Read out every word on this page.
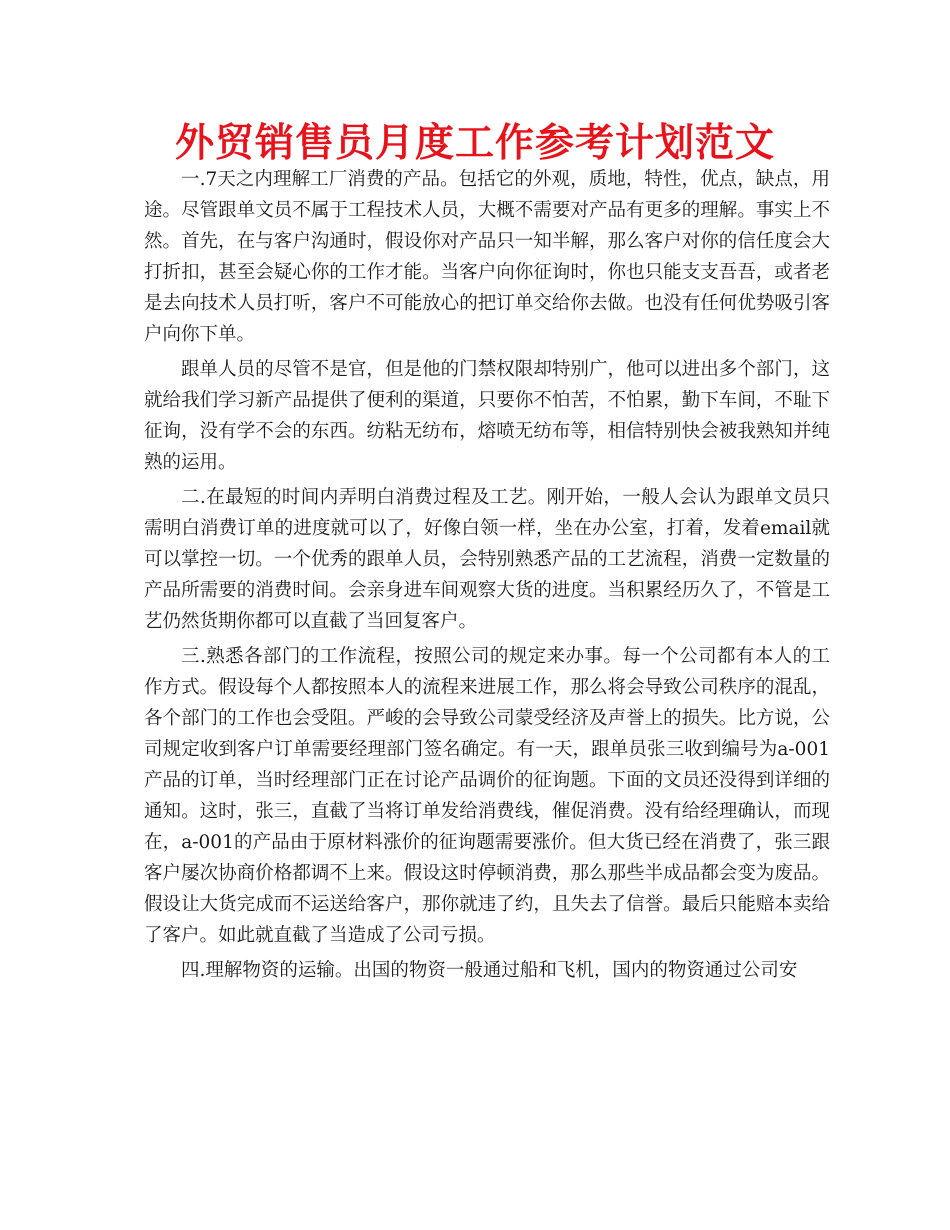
外贸销售员月度工作参考计划范文

一.7天之内理解工厂消费的产品。包括它的外观，质地，特性，优点，缺点，用途。尽管跟单文员不属于工程技术人员，大概不需要对产品有更多的理解。事实上不然。首先，在与客户沟通时，假设你对产品只一知半解，那么客户对你的信任度会大打折扣，甚至会疑心你的工作才能。当客户向你征询时，你也只能支支吾吾，或者老是去向技术人员打听，客户不可能放心的把订单交给你去做。也没有任何优势吸引客户向你下单。

跟单人员的尽管不是官，但是他的门禁权限却特别广，他可以进出多个部门，这就给我们学习新产品提供了便利的渠道，只要你不怕苦，不怕累，勤下车间，不耻下征询，没有学不会的东西。纺粘无纺布，熔喷无纺布等，相信特别快会被我熟知并纯熟的运用。

二.在最短的时间内弄明白消费过程及工艺。刚开始，一般人会认为跟单文员只需明白消费订单的进度就可以了，好像白领一样，坐在办公室，打着，发着email就可以掌控一切。一个优秀的跟单人员，会特别熟悉产品的工艺流程，消费一定数量的产品所需要的消费时间。会亲身进车间观察大货的进度。当积累经历久了，不管是工艺仍然货期你都可以直截了当回复客户。

三.熟悉各部门的工作流程，按照公司的规定来办事。每一个公司都有本人的工作方式。假设每个人都按照本人的流程来进展工作，那么将会导致公司秩序的混乱，各个部门的工作也会受阻。严峻的会导致公司蒙受经济及声誉上的损失。比方说，公司规定收到客户订单需要经理部门签名确定。有一天，跟单员张三收到编号为a-001产品的订单，当时经理部门正在讨论产品调价的征询题。下面的文员还没得到详细的通知。这时，张三，直截了当将订单发给消费线，催促消费。没有给经理确认，而现在，a-001的产品由于原材料涨价的征询题需要涨价。但大货已经在消费了，张三跟客户屡次协商价格都调不上来。假设这时停顿消费，那么那些半成品都会变为废品。假设让大货完成而不运送给客户，那你就违了约，且失去了信誉。最后只能赔本卖给了客户。如此就直截了当造成了公司亏损。

四.理解物资的运输。出国的物资一般通过船和飞机，国内的物资通过公司安
